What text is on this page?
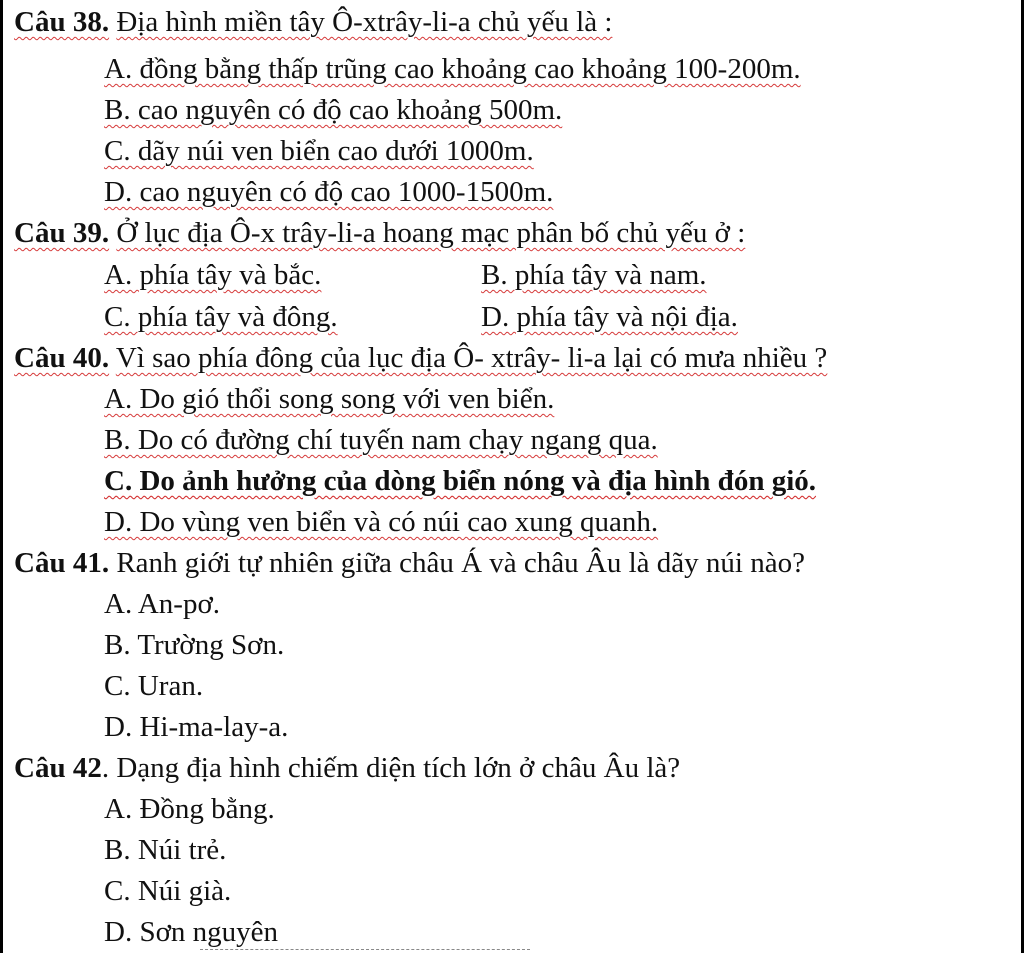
Câu 38. Địa hình miền tây Ô-xtrây-li-a chủ yếu là :
A. đồng bằng thấp trũng cao khoảng cao khoảng 100-200m.
B. cao nguyên có độ cao khoảng 500m.
C. dãy núi ven biển cao dưới 1000m.
D. cao nguyên có độ cao 1000-1500m.
Câu 39. Ở lục địa Ô-x trây-li-a hoang mạc phân bố chủ yếu ở :
A. phía tây và bắc.	B. phía tây và nam.
C. phía tây và đông.	D. phía tây và nội địa.
Câu 40. Vì sao phía đông của lục địa Ô- xtrây- li-a lại có mưa nhiều ?
A. Do gió thổi song song với ven biển.
B. Do có đường chí tuyến nam chạy ngang qua.
C. Do ảnh hưởng của dòng biển nóng và địa hình đón gió.
D. Do vùng ven biển và có núi cao xung quanh.
Câu 41. Ranh giới tự nhiên giữa châu Á và châu Âu là dãy núi nào?
A. An-pơ.
B. Trường Sơn.
C. Uran.
D. Hi-ma-lay-a.
Câu 42. Dạng địa hình chiếm diện tích lớn ở châu Âu là?
A. Đồng bằng.
B. Núi trẻ.
C. Núi già.
D. Sơn nguyên
